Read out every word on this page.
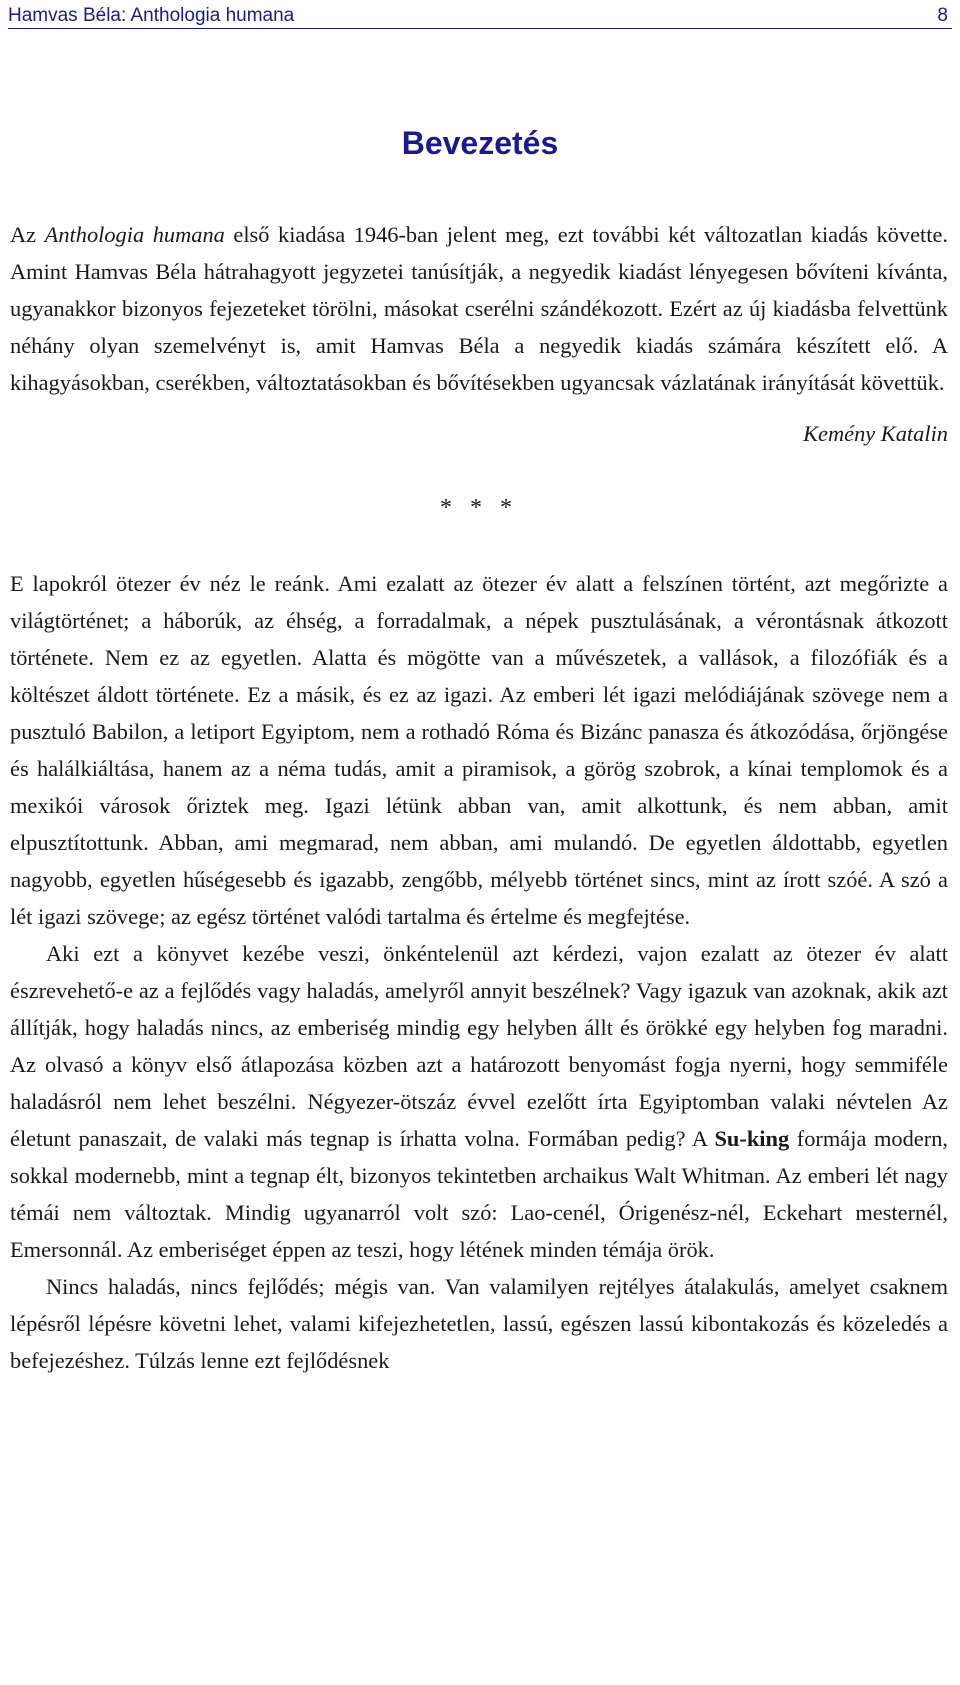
Hamvas Béla: Anthologia humana	8
Bevezetés

Az Anthologia humana első kiadása 1946-ban jelent meg, ezt további két változatlan kiadás követte. Amint Hamvas Béla hátrahagyott jegyzetei tanúsítják, a negyedik kiadást lényegesen bővíteni kívánta, ugyanakkor bizonyos fejezeteket törölni, másokat cserélni szándékozott. Ezért az új kiadásba felvettünk néhány olyan szemelvényt is, amit Hamvas Béla a negyedik kiadás számára készített elő. A kihagyásokban, cserékben, változtatásokban és bővítésekben ugyancsak vázlatának irányítását követtük.

Kemény Katalin

* * *

E lapokról ötezer év néz le reánk. Ami ezalatt az ötezer év alatt a felszínen történt, azt megőrizte a világtörténet; a háborúk, az éhség, a forradalmak, a népek pusztulásának, a vérontásnak átkozott története. Nem ez az egyetlen. Alatta és mögötte van a művészetek, a vallások, a filozófiák és a költészet áldott története. Ez a másik, és ez az igazi. Az emberi lét igazi melódiájának szövege nem a pusztuló Babilon, a letiport Egyiptom, nem a rothadó Róma és Bizánc panasza és átkozódása, őrjöngése és halálkiáltása, hanem az a néma tudás, amit a piramisok, a görög szobrok, a kínai templomok és a mexikói városok őriztek meg. Igazi létünk abban van, amit alkottunk, és nem abban, amit elpusztítottunk. Abban, ami megmarad, nem abban, ami mulandó. De egyetlen áldottabb, egyetlen nagyobb, egyetlen hűségesebb és igazabb, zengőbb, mélyebb történet sincs, mint az írott szóé. A szó a lét igazi szövege; az egész történet valódi tartalma és értelme és megfejtése.

Aki ezt a könyvet kezébe veszi, önkéntelenül azt kérdezi, vajon ezalatt az ötezer év alatt észrevehető-e az a fejlődés vagy haladás, amelyről annyit beszélnek? Vagy igazuk van azoknak, akik azt állítják, hogy haladás nincs, az emberiség mindig egy helyben állt és örökké egy helyben fog maradni. Az olvasó a könyv első átlapozása közben azt a határozott benyomást fogja nyerni, hogy semmiféle haladásról nem lehet beszélni. Négyezer-ötszáz évvel ezelőtt írta Egyiptomban valaki névtelen Az életunt panaszait, de valaki más tegnap is írhatta volna. Formában pedig? A Su-king formája modern, sokkal modernebb, mint a tegnap élt, bizonyos tekintetben archaikus Walt Whitman. Az emberi lét nagy témái nem változtak. Mindig ugyanarról volt szó: Lao-cenél, Órigenész-nél, Eckehart mesternél, Emersonnál. Az emberiséget éppen az teszi, hogy létének minden témája örök.

Nincs haladás, nincs fejlődés; mégis van. Van valamilyen rejtélyes átalakulás, amelyet csaknem lépésről lépésre követni lehet, valami kifejezhetetlen, lassú, egészen lassú kibontakozás és közeledés a befejezéshez. Túlzás lenne ezt fejlődésnek
